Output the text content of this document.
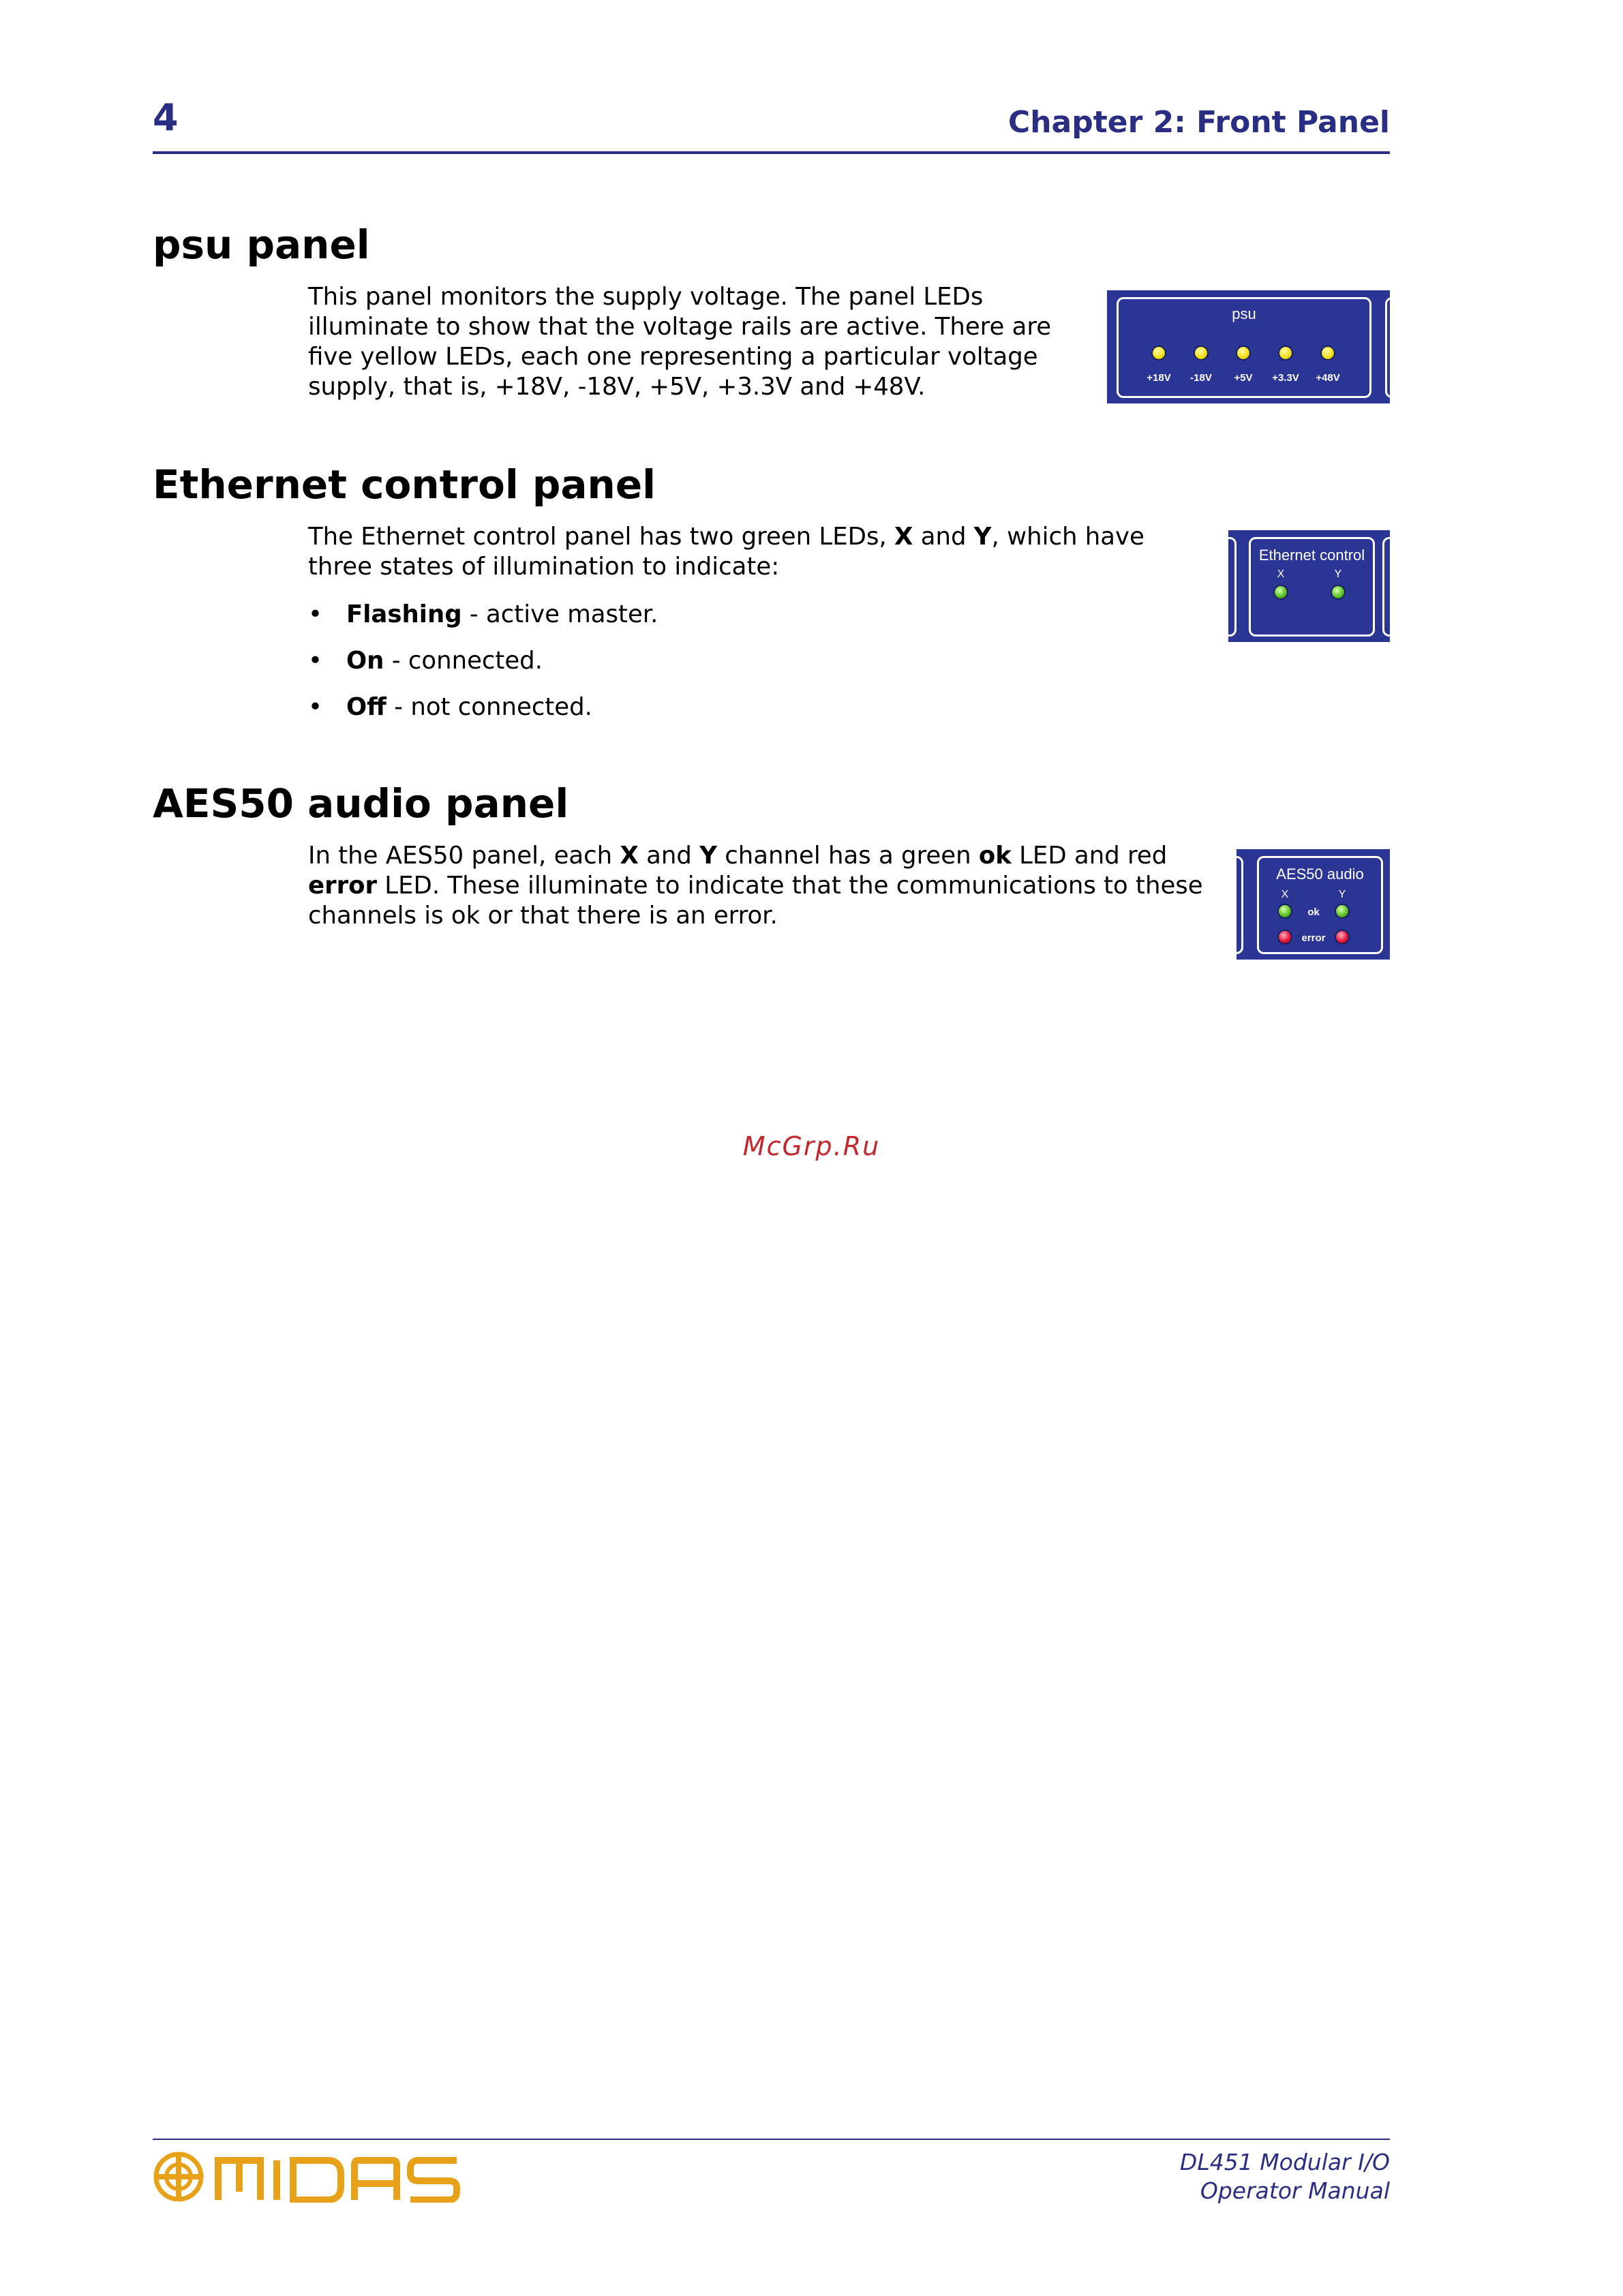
4	Chapter 2: Front Panel
psu panel

This panel monitors the supply voltage. The panel LEDs

illuminate to show that the voltage rails are active. There are

five yellow LEDs, each one representing a particular voltage

supply, that is, +18V, -18V, +5V, +3.3V and +48V.

psu
+18V	-18V	+5V	+3.3V	+48V
Ethernet control panel

The Ethernet control panel has two green LEDs, X and Y, which have

three states of illumination to indicate:

• Flashing - active master.
• On - connected.
• Off - not connected.
Ethernet control
X	Y
AES50 audio panel

In the AES50 panel, each X and Y channel has a green ok LED and red

error LED. These illuminate to indicate that the communications to these

channels is ok or that there is an error.

AES50 audio
X	Y
ok
error
McGrp.Ru
DL451 Modular I/O
Operator Manual
